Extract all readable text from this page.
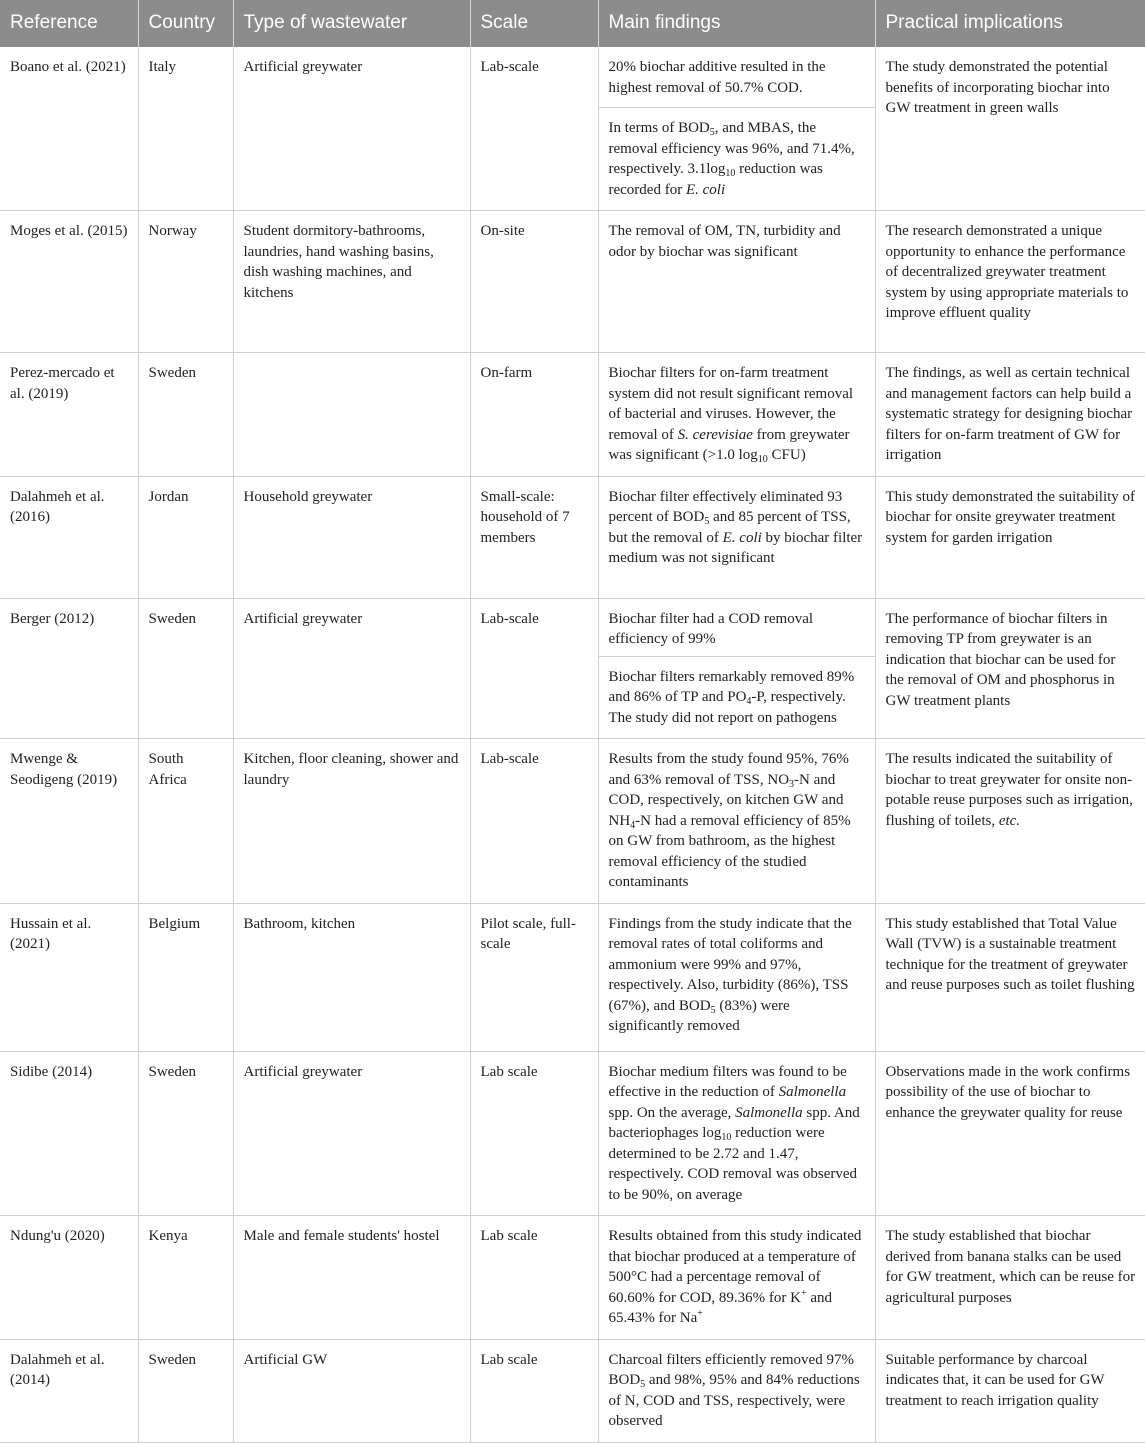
Reference	Country	Type of wastewater	Scale	Main findings	Practical implications
Boano et al. (2021)	Italy	Artificial greywater	Lab-scale	20% biochar additive resulted in the highest removal of 50.7% COD.
In terms of $BOD_5$, and MBAS, the removal efficiency was 96%, and 71.4%, respectively. $3.1\log_{10}$ reduction was recorded for E. coli	The study demonstrated the potential benefits of incorporating biochar into GW treatment in green walls
Moges et al. (2015)	Norway	Student dormitory-bathrooms, laundries, hand washing basins, dish washing machines, and kitchens	On-site	The removal of OM, TN, turbidity and odor by biochar was significant	The research demonstrated a unique opportunity to enhance the performance of decentralized greywater treatment system by using appropriate materials to improve effluent quality
Perez-mercado et al. (2019)	Sweden		On-farm	Biochar filters for on-farm treatment system did not result significant removal of bacterial and viruses. However, the removal of S. cerevisiae from greywater was significant (>1.0 $\log_{10} CFU$)	The findings, as well as certain technical and management factors can help build a systematic strategy for designing biochar filters for on-farm treatment of GW for irrigation
Dalahmeh et al. (2016)	Jordan	Household greywater	Small-scale: household of 7 members	Biochar filter effectively eliminated 93 percent of $BOD_5$ and 85 percent of TSS, but the removal of E. coli by biochar filter medium was not significant	This study demonstrated the suitability of biochar for onsite greywater treatment system for garden irrigation
Berger (2012)	Sweden	Artificial greywater	Lab-scale	Biochar filter had a COD removal efficiency of 99%
Biochar filters remarkably removed 89% and 86% of TP and $PO_4-P$, respectively. The study did not report on pathogens	The performance of biochar filters in removing TP from greywater is an indication that biochar can be used for the removal of OM and phosphorus in GW treatment plants
Mwenge & Seodigeng (2019)	South Africa	Kitchen, floor cleaning, shower and laundry	Lab-scale	Results from the study found 95%, 76% and 63% removal of TSS, $NO_3-N$ and COD, respectively, on kitchen GW and $NH_4-N$ had a removal efficiency of 85% on GW from bathroom, as the highest removal efficiency of the studied contaminants	The results indicated the suitability of biochar to treat greywater for onsite non-potable reuse purposes such as irrigation, flushing of toilets, etc.
Hussain et al. (2021)	Belgium	Bathroom, kitchen	Pilot scale, full-scale	Findings from the study indicate that the removal rates of total coliforms and ammonium were 99% and 97%, respectively. Also, turbidity (86%), TSS (67%), and $BOD_5$ (83%) were significantly removed	This study established that Total Value Wall (TVW) is a sustainable treatment technique for the treatment of greywater and reuse purposes such as toilet flushing
Sidibe (2014)	Sweden	Artificial greywater	Lab scale	Biochar medium filters was found to be effective in the reduction of Salmonella spp. On the average, Salmonella spp. And bacteriophages $\log_{10}$ reduction were determined to be 2.72 and 1.47, respectively. COD removal was observed to be 90%, on average	Observations made in the work confirms possibility of the use of biochar to enhance the greywater quality for reuse
Ndung'u (2020)	Kenya	Male and female students' hostel	Lab scale	Results obtained from this study indicated that biochar produced at a temperature of 500°C had a percentage removal of 60.60% for COD, 89.36% for K+ and 65.43% for Na+	The study established that biochar derived from banana stalks can be used for GW treatment, which can be reuse for agricultural purposes
Dalahmeh et al. (2014)	Sweden	Artificial GW	Lab scale	Charcoal filters efficiently removed 97% $BOD_5$ and 98%, 95% and 84% reductions of N, COD and TSS, respectively, were observed	Suitable performance by charcoal indicates that, it can be used for GW treatment to reach irrigation quality
